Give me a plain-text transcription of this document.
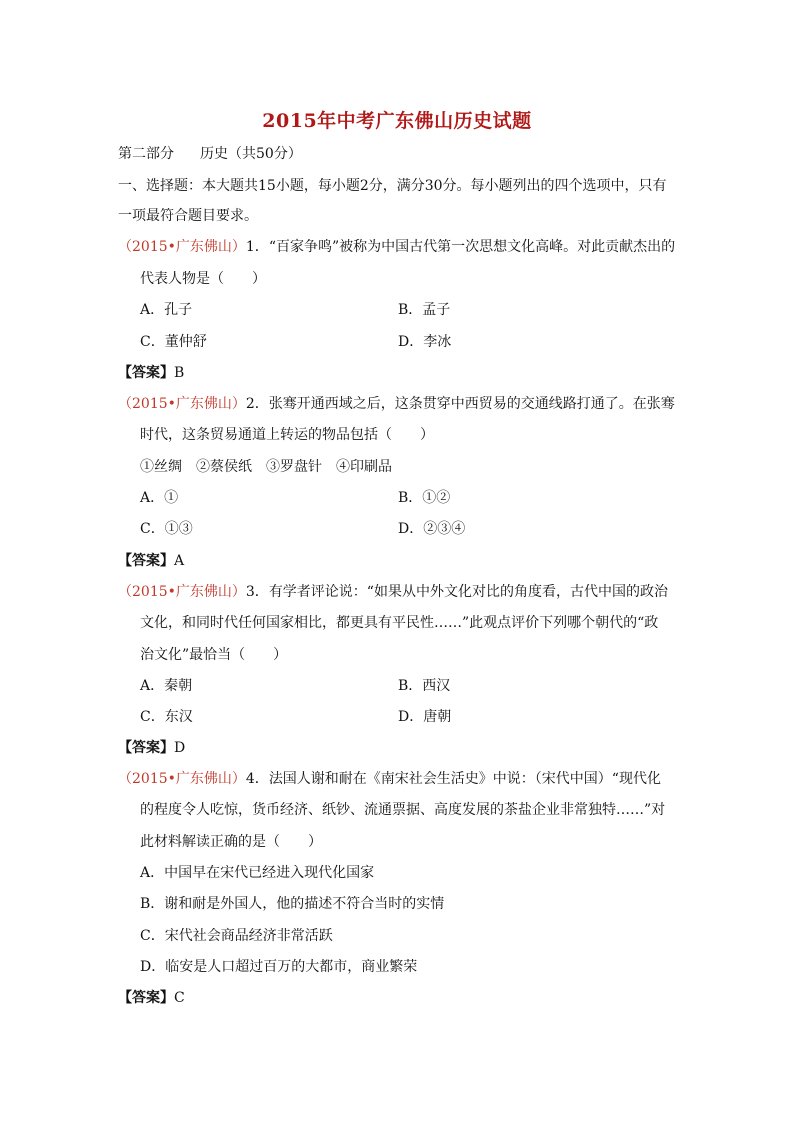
2015年中考广东佛山历史试题
第二部分 历史（共50分）
一、选择题：本大题共15小题，每小题2分，满分30分。每小题列出的四个选项中，只有
一项最符合题目要求。
（2015•广东佛山）1．“百家争鸣”被称为中国古代第一次思想文化高峰。对此贡献杰出的
代表人物是（　　）
A．孔子	B．孟子
C．董仲舒	D．李冰
【答案】B
（2015•广东佛山）2．张骞开通西域之后，这条贯穿中西贸易的交通线路打通了。在张骞
时代，这条贸易通道上转运的物品包括（　　）
①丝绸　②蔡侯纸　③罗盘针　④印刷品
A．①	B．①②
C．①③	D．②③④
【答案】A
（2015•广东佛山）3．有学者评论说：“如果从中外文化对比的角度看，古代中国的政治
文化，和同时代任何国家相比，都更具有平民性……”此观点评价下列哪个朝代的“政
治文化”最恰当（　　）
A．秦朝	B．西汉
C．东汉	D．唐朝
【答案】D
（2015•广东佛山）4．法国人谢和耐在《南宋社会生活史》中说：（宋代中国）“现代化
的程度令人吃惊，货币经济、纸钞、流通票据、高度发展的茶盐企业非常独特……”对
此材料解读正确的是（　　）
A．中国早在宋代已经进入现代化国家
B．谢和耐是外国人，他的描述不符合当时的实情
C．宋代社会商品经济非常活跃
D．临安是人口超过百万的大都市，商业繁荣
【答案】C
